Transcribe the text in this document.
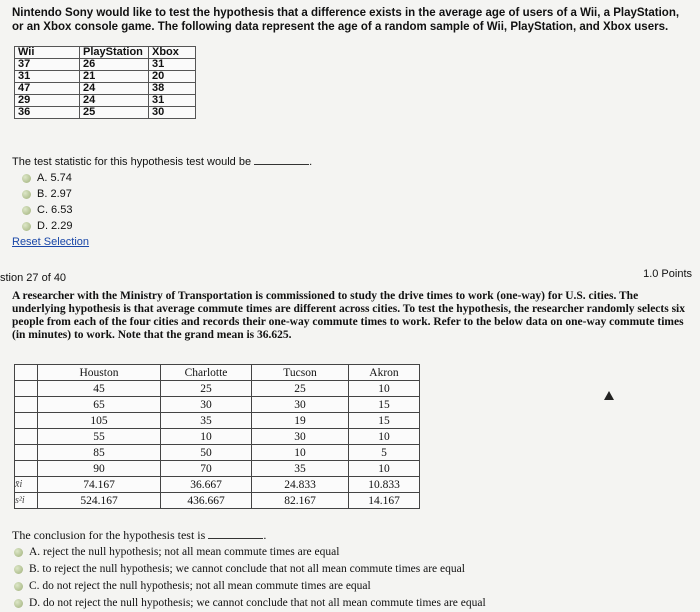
Nintendo Sony would like to test the hypothesis that a difference exists in the average age of users of a Wii, a PlayStation, or an Xbox console game. The following data represent the age of a random sample of Wii, PlayStation, and Xbox users.

Wii	PlayStation	Xbox
37	26	31
31	21	20
47	24	38
29	24	31
36	25	30
The test statistic for this hypothesis test would be	.
A. 5.74
B. 2.97
C. 6.53
D. 2.29
Reset Selection
stion 27 of 40	1.0 Points

A researcher with the Ministry of Transportation is commissioned to study the drive times to work (one-way) for U.S. cities. The underlying hypothesis is that average commute times are different across cities. To test the hypothesis, the researcher randomly selects six people from each of the four cities and records their one-way commute times to work. Refer to the below data on one-way commute times (in minutes) to work. Note that the grand mean is 36.625.

	Houston	Charlotte	Tucson	Akron
	45	25	25	10
	65	30	30	15
	105	35	19	15
	55	10	30	10
	85	50	10	5
	90	70	35	10
x̄i	74.167	36.667	24.833	10.833
s²i	524.167	436.667	82.167	14.167
The conclusion for the hypothesis test is	.
A. reject the null hypothesis; not all mean commute times are equal
B. to reject the null hypothesis; we cannot conclude that not all mean commute times are equal
C. do not reject the null hypothesis; not all mean commute times are equal
D. do not reject the null hypothesis; we cannot conclude that not all mean commute times are equal
